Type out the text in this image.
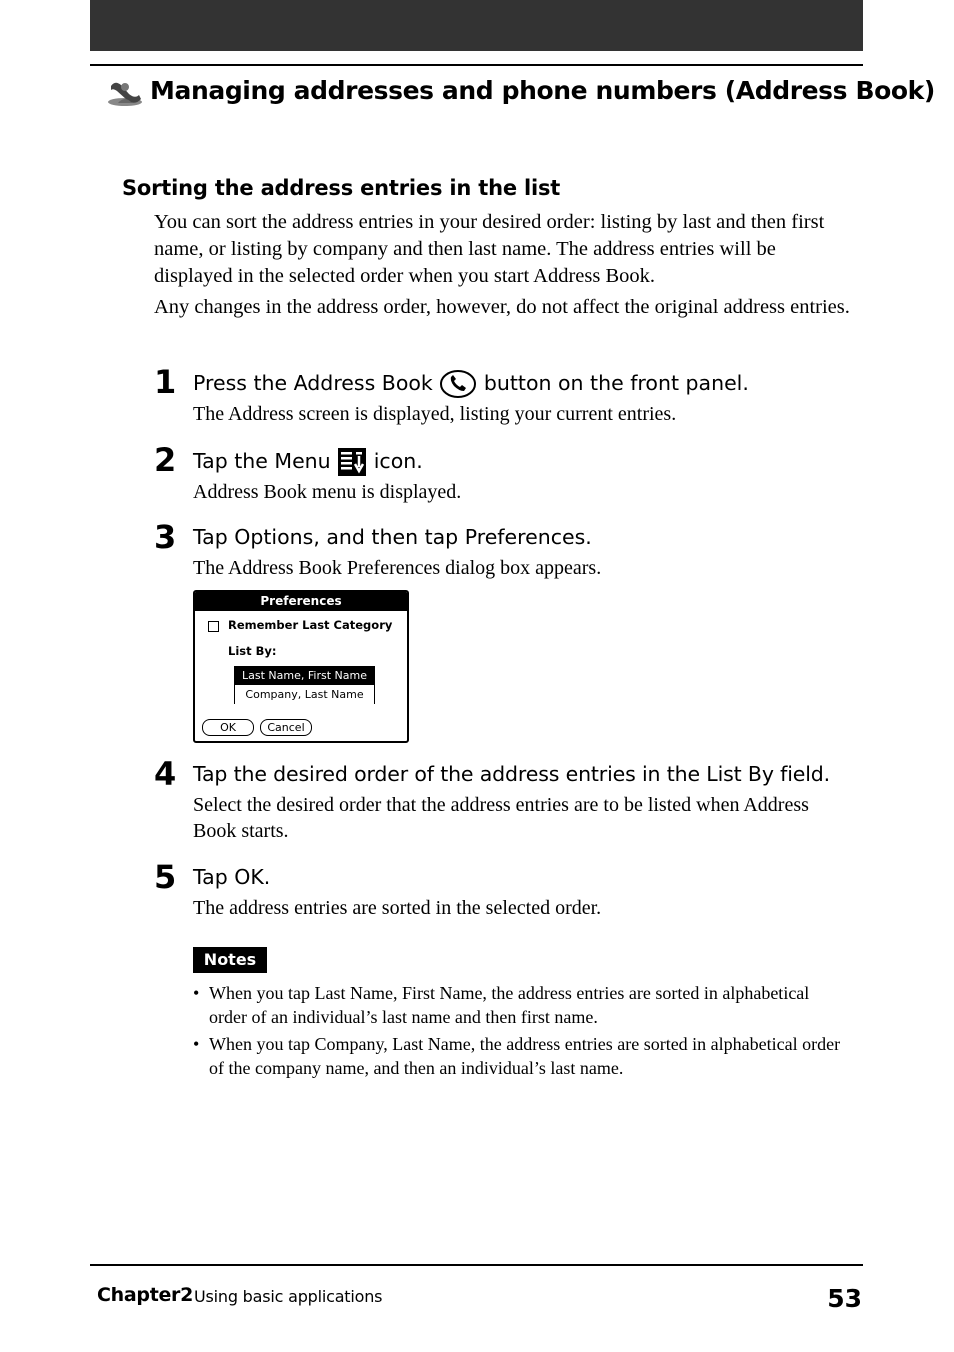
Managing addresses and phone numbers (Address Book)
Sorting the address entries in the list
You can sort the address entries in your desired order: listing by last and then first name, or listing by company and then last name. The address entries will be displayed in the selected order when you start Address Book.
Any changes in the address order, however, do not affect the original address entries.
1 Press the Address Book button on the front panel.
The Address screen is displayed, listing your current entries.
2 Tap the Menu icon.
Address Book menu is displayed.
3 Tap Options, and then tap Preferences.
The Address Book Preferences dialog box appears.
Preferences
Remember Last Category
List By:
Last Name, First Name
Company, Last Name
OK	Cancel
4 Tap the desired order of the address entries in the List By field.
Select the desired order that the address entries are to be listed when Address Book starts.
5 Tap OK.
The address entries are sorted in the selected order.
Notes
• When you tap Last Name, First Name, the address entries are sorted in alphabetical order of an individual’s last name and then first name.
• When you tap Company, Last Name, the address entries are sorted in alphabetical order of the company name, and then an individual’s last name.
Chapter2 Using basic applications	53
